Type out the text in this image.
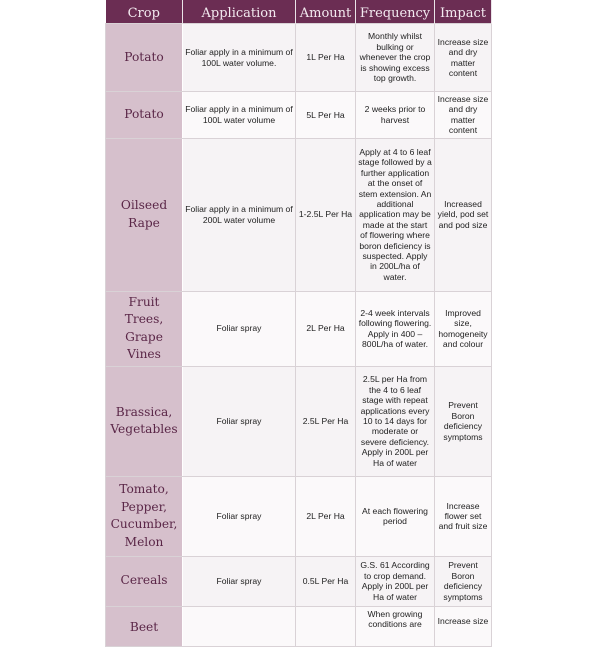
Crop	Application	Amount	Frequency	Impact
Potato	Foliar apply in a minimum of 100L water volume.	1L Per Ha	Monthly whilst bulking or whenever the crop is showing excess top growth.	Increase size and dry matter content
Potato	Foliar apply in a minimum of 100L water volume	5L Per Ha	2 weeks prior to harvest	Increase size and dry matter content
Oilseed Rape	Foliar apply in a minimum of 200L water volume	1-2.5L Per Ha	Apply at 4 to 6 leaf stage followed by a further application at the onset of stem extension. An additional application may be made at the start of flowering where boron deficiency is suspected. Apply in 200L/ha of water.	Increased yield, pod set and pod size
Fruit Trees, Grape Vines	Foliar spray	2L Per Ha	2-4 week intervals following flowering. Apply in 400 – 800L/ha of water.	Improved size, homogeneity and colour
Brassica, Vegetables	Foliar spray	2.5L Per Ha	2.5L per Ha from the 4 to 6 leaf stage with repeat applications every 10 to 14 days for moderate or severe deficiency. Apply in 200L per Ha of water	Prevent Boron deficiency symptoms
Tomato, Pepper, Cucumber, Melon	Foliar spray	2L Per Ha	At each flowering period	Increase flower set and fruit size
Cereals	Foliar spray	0.5L Per Ha	G.S. 61 According to crop demand. Apply in 200L per Ha of water	Prevent Boron deficiency symptoms
Beet			When growing conditions are	Increase size
